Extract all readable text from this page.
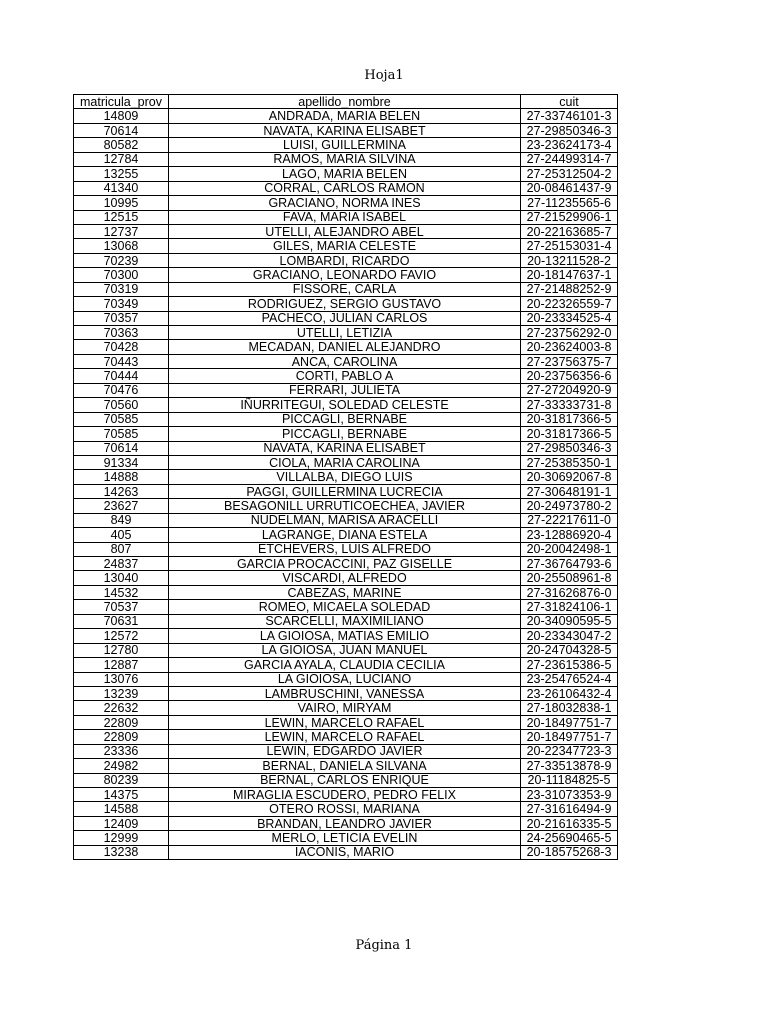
Hoja1
matricula_prov	apellido_nombre	cuit
14809	ANDRADA, MARIA BELEN	27-33746101-3
70614	NAVATA, KARINA ELISABET	27-29850346-3
80582	LUISI, GUILLERMINA	23-23624173-4
12784	RAMOS, MARIA SILVINA	27-24499314-7
13255	LAGO, MARIA BELEN	27-25312504-2
41340	CORRAL, CARLOS RAMON	20-08461437-9
10995	GRACIANO, NORMA INES	27-11235565-6
12515	FAVA, MARIA ISABEL	27-21529906-1
12737	UTELLI, ALEJANDRO ABEL	20-22163685-7
13068	GILES, MARIA CELESTE	27-25153031-4
70239	LOMBARDI, RICARDO	20-13211528-2
70300	GRACIANO, LEONARDO FAVIO	20-18147637-1
70319	FISSORE, CARLA	27-21488252-9
70349	RODRIGUEZ, SERGIO GUSTAVO	20-22326559-7
70357	PACHECO, JULIAN CARLOS	20-23334525-4
70363	UTELLI, LETIZIA	27-23756292-0
70428	MECADAN, DANIEL ALEJANDRO	20-23624003-8
70443	ANCA, CAROLINA	27-23756375-7
70444	CORTI, PABLO A	20-23756356-6
70476	FERRARI, JULIETA	27-27204920-9
70560	IÑURRITEGUI, SOLEDAD CELESTE	27-33333731-8
70585	PICCAGLI, BERNABE	20-31817366-5
70585	PICCAGLI, BERNABE	20-31817366-5
70614	NAVATA, KARINA ELISABET	27-29850346-3
91334	CIOLA, MARIA CAROLINA	27-25385350-1
14888	VILLALBA, DIEGO LUIS	20-30692067-8
14263	PAGGI, GUILLERMINA LUCRECIA	27-30648191-1
23627	BESAGONILL URRUTICOECHEA, JAVIER	20-24973780-2
849	NUDELMAN, MARISA ARACELLI	27-22217611-0
405	LAGRANGE, DIANA ESTELA	23-12886920-4
807	ETCHEVERS, LUIS ALFREDO	20-20042498-1
24837	GARCIA PROCACCINI, PAZ GISELLE	27-36764793-6
13040	VISCARDI, ALFREDO	20-25508961-8
14532	CABEZAS, MARINE	27-31626876-0
70537	ROMEO, MICAELA SOLEDAD	27-31824106-1
70631	SCARCELLI, MAXIMILIANO	20-34090595-5
12572	LA GIOIOSA, MATIAS EMILIO	20-23343047-2
12780	LA GIOIOSA, JUAN MANUEL	20-24704328-5
12887	GARCIA AYALA, CLAUDIA CECILIA	27-23615386-5
13076	LA GIOIOSA, LUCIANO	23-25476524-4
13239	LAMBRUSCHINI, VANESSA	23-26106432-4
22632	VAIRO, MIRYAM	27-18032838-1
22809	LEWIN, MARCELO RAFAEL	20-18497751-7
22809	LEWIN, MARCELO RAFAEL	20-18497751-7
23336	LEWIN, EDGARDO JAVIER	20-22347723-3
24982	BERNAL, DANIELA SILVANA	27-33513878-9
80239	BERNAL, CARLOS ENRIQUE	20-11184825-5
14375	MIRAGLIA ESCUDERO, PEDRO FELIX	23-31073353-9
14588	OTERO ROSSI, MARIANA	27-31616494-9
12409	BRANDAN, LEANDRO JAVIER	20-21616335-5
12999	MERLO, LETICIA EVELIN	24-25690465-5
13238	IACONIS, MARIO	20-18575268-3
Página 1
